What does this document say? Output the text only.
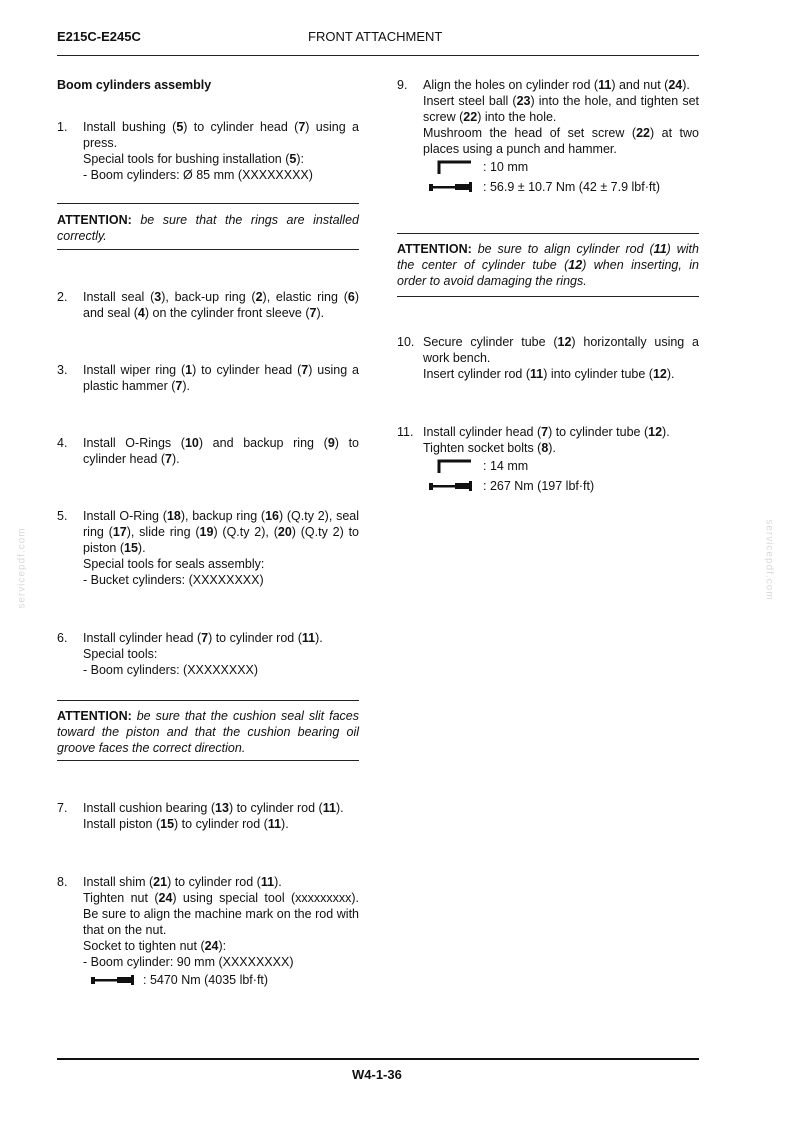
E215C-E245C	FRONT ATTACHMENT
servicepdf.com	servicepdf.com
Boom cylinders assembly
1. Install bushing (5) to cylinder head (7) using a press.

Special tools for bushing installation (5):

- Boom cylinders: Ø 85 mm (XXXXXXXX)

ATTENTION: be sure that the rings are installed correctly.
2. Install seal (3), back-up ring (2), elastic ring (6) and seal (4) on the cylinder front sleeve (7).

3. Install wiper ring (1) to cylinder head (7) using a plastic hammer (7).

4. Install O-Rings (10) and backup ring (9) to cylinder head (7).

5. Install O-Ring (18), backup ring (16) (Q.ty 2), seal ring (17), slide ring (19) (Q.ty 2), (20) (Q.ty 2) to piston (15).

Special tools for seals assembly:

- Bucket cylinders: (XXXXXXXX)

6. Install cylinder head (7) to cylinder rod (11).

Special tools:

- Boom cylinders: (XXXXXXXX)

ATTENTION: be sure that the cushion seal slit faces toward the piston and that the cushion bearing oil groove faces the correct direction.
7. Install cushion bearing (13) to cylinder rod (11).

Install piston (15) to cylinder rod (11).

8. Install shim (21) to cylinder rod (11).

Tighten nut (24) using special tool (xxxxxxxxx). Be sure to align the machine mark on the rod with that on the nut.

Socket to tighten nut (24):

- Boom cylinder: 90 mm (XXXXXXXX)

: 5470 Nm (4035 lbf·ft)
9. Align the holes on cylinder rod (11) and nut (24).

Insert steel ball (23) into the hole, and tighten set screw (22) into the hole.

Mushroom the head of set screw (22) at two places using a punch and hammer.

: 10 mm
: 56.9 ± 10.7 Nm (42 ± 7.9 lbf·ft)
ATTENTION: be sure to align cylinder rod (11) with the center of cylinder tube (12) when inserting, in order to avoid damaging the rings.
10. Secure cylinder tube (12) horizontally using a work bench.

Insert cylinder rod (11) into cylinder tube (12).

11. Install cylinder head (7) to cylinder tube (12).

Tighten socket bolts (8).

: 14 mm
: 267 Nm (197 lbf·ft)
W4-1-36
